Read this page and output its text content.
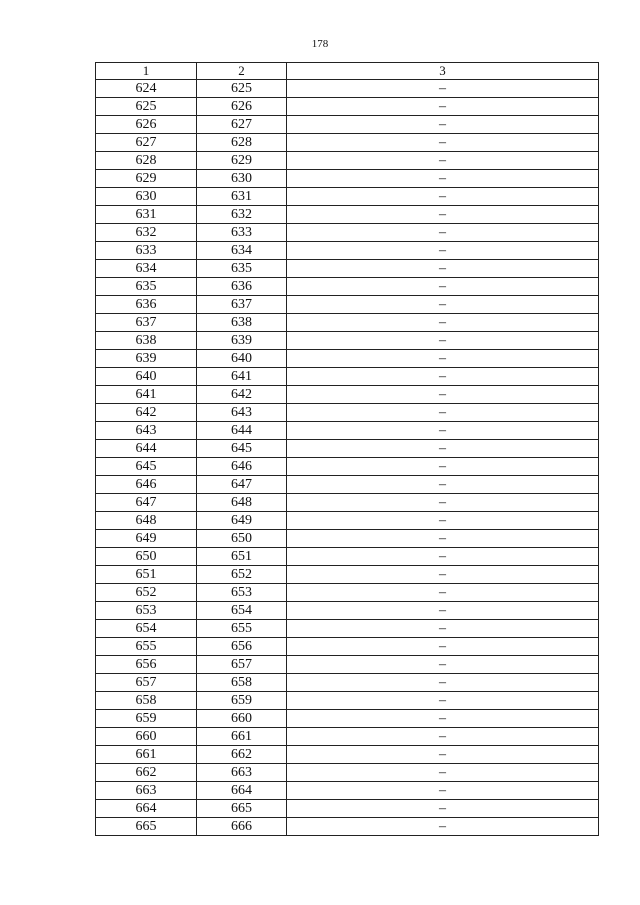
178
1	2	3
624	625	–
625	626	–
626	627	–
627	628	–
628	629	–
629	630	–
630	631	–
631	632	–
632	633	–
633	634	–
634	635	–
635	636	–
636	637	–
637	638	–
638	639	–
639	640	–
640	641	–
641	642	–
642	643	–
643	644	–
644	645	–
645	646	–
646	647	–
647	648	–
648	649	–
649	650	–
650	651	–
651	652	–
652	653	–
653	654	–
654	655	–
655	656	–
656	657	–
657	658	–
658	659	–
659	660	–
660	661	–
661	662	–
662	663	–
663	664	–
664	665	–
665	666	–
